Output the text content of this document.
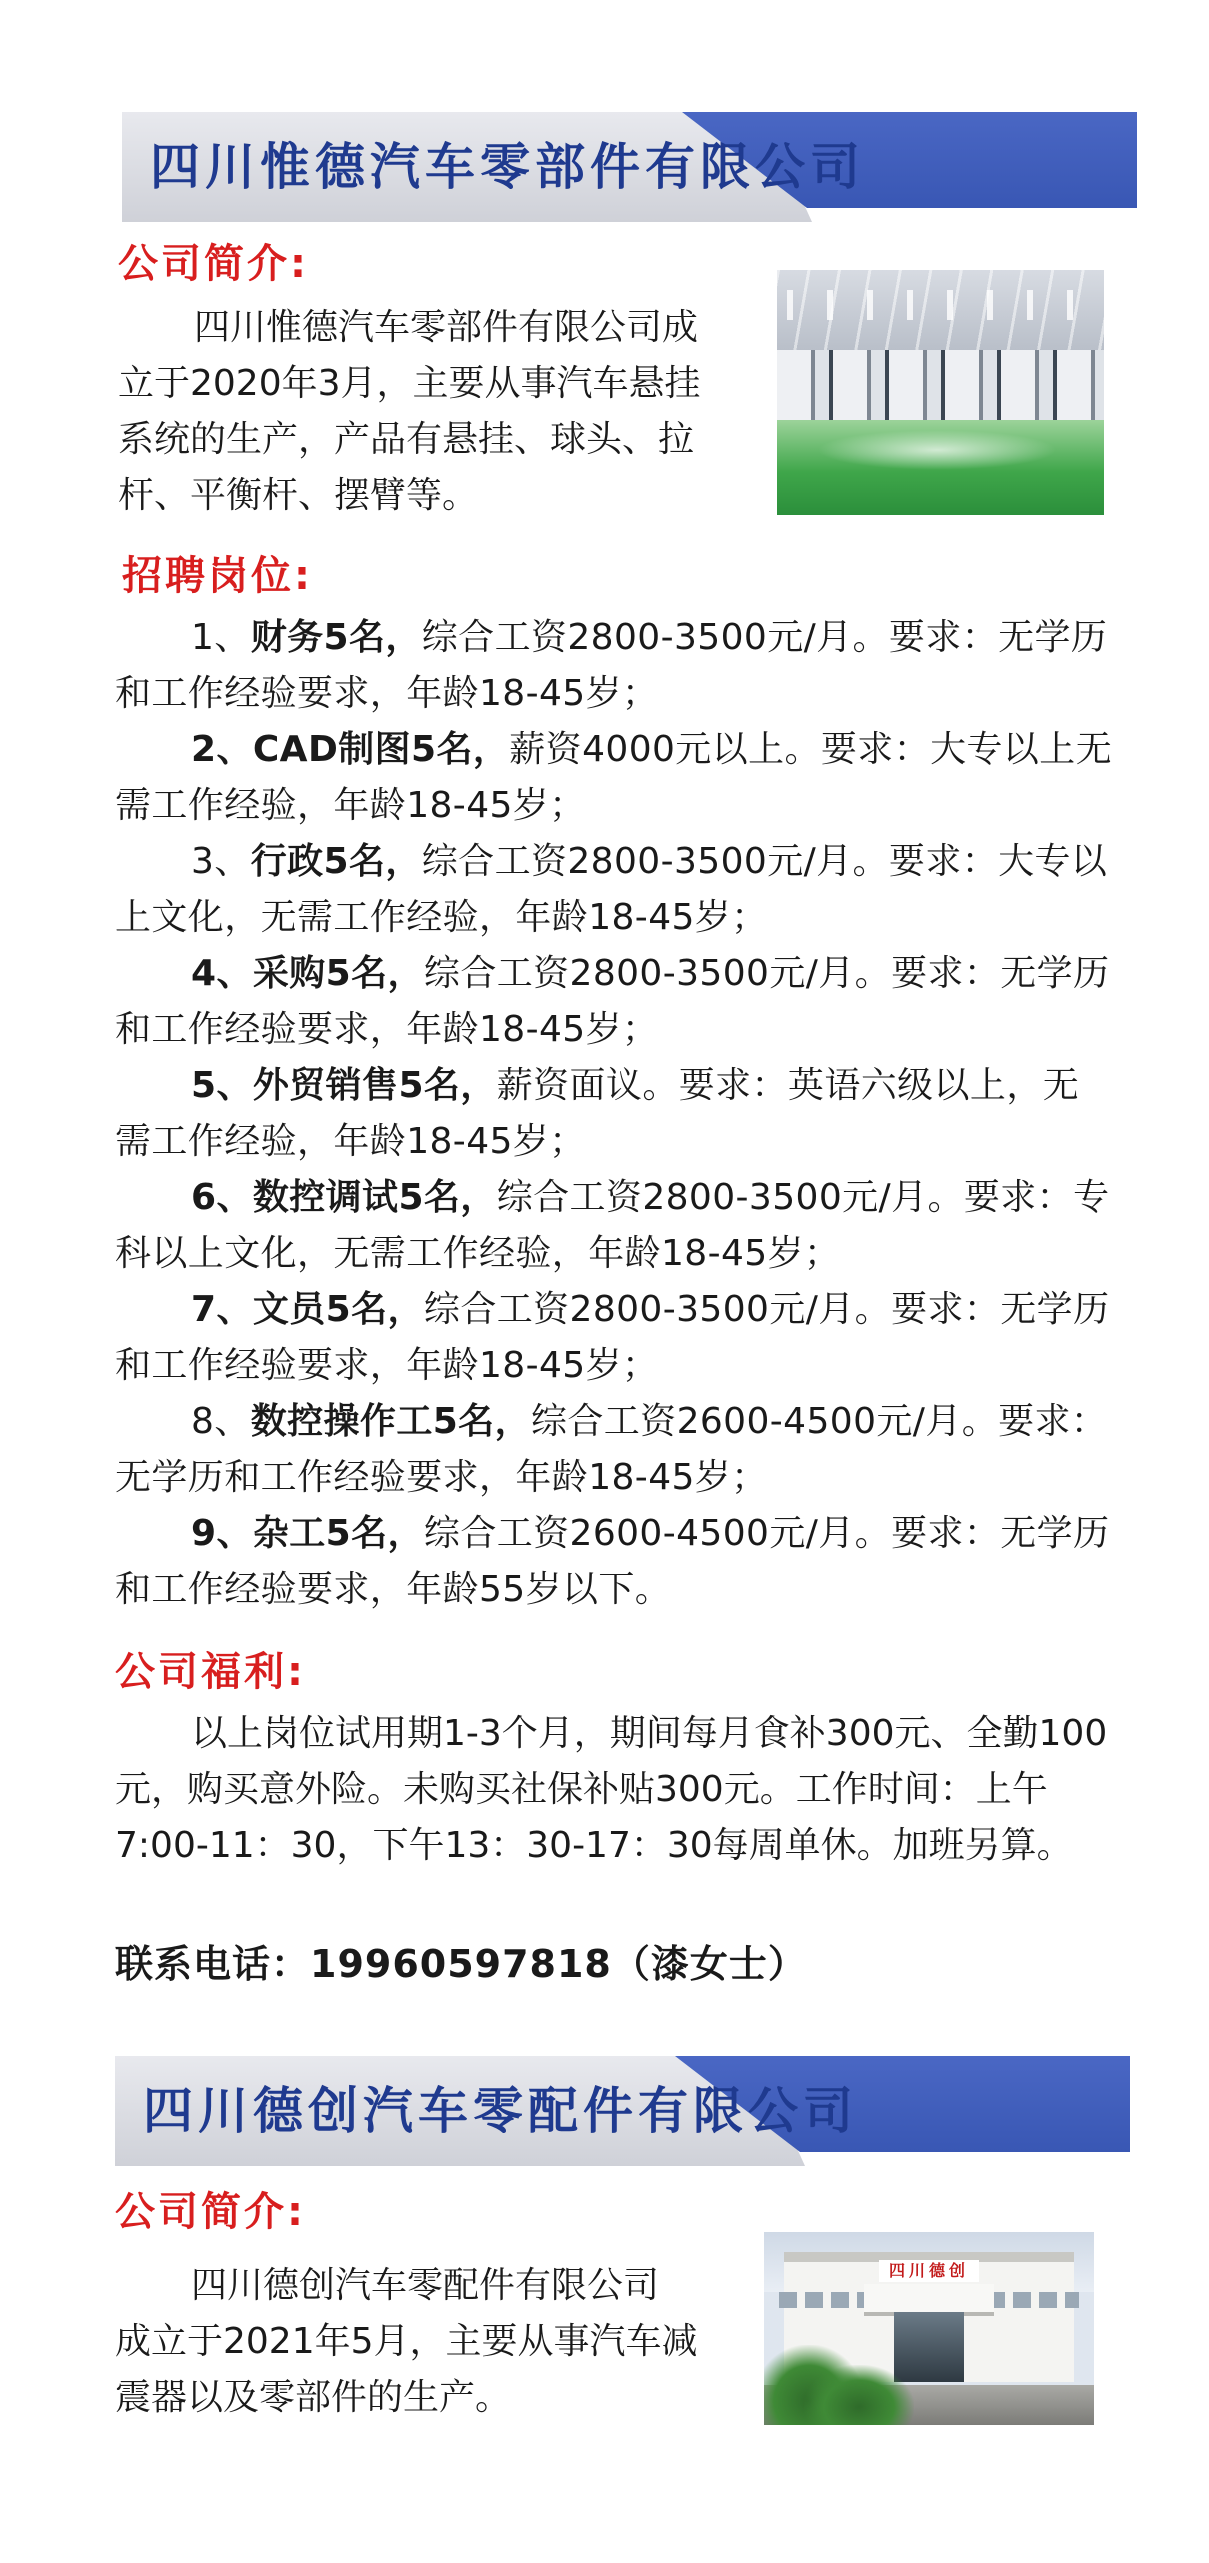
四川惟德汽车零部件有限公司
公司简介:

四川惟德汽车零部件有限公司成

立于2020年3月，主要从事汽车悬挂

系统的生产，产品有悬挂、球头、拉

杆、平衡杆、摆臂等。

招聘岗位:

1、财务5名，综合工资2800-3500元/月。要求：无学历和工作经验要求，年龄18-45岁；

2、CAD制图5名，薪资4000元以上。要求：大专以上无需工作经验，年龄18-45岁；

3、行政5名，综合工资2800-3500元/月。要求：大专以上文化，无需工作经验，年龄18-45岁；

4、采购5名，综合工资2800-3500元/月。要求：无学历和工作经验要求，年龄18-45岁；

5、外贸销售5名，薪资面议。要求：英语六级以上，无需工作经验，年龄18-45岁；

6、数控调试5名，综合工资2800-3500元/月。要求：专科以上文化，无需工作经验，年龄18-45岁；

7、文员5名，综合工资2800-3500元/月。要求：无学历和工作经验要求，年龄18-45岁；

8、数控操作工5名，综合工资2600-4500元/月。要求：无学历和工作经验要求，年龄18-45岁；

9、杂工5名，综合工资2600-4500元/月。要求：无学历和工作经验要求，年龄55岁以下。

公司福利:

以上岗位试用期1-3个月，期间每月食补300元、全勤100元，购买意外险。未购买社保补贴300元。工作时间：上午7:00-11：30，下午13：30-17：30每周单休。加班另算。

联系电话：19960597818（漆女士）
四川德创汽车零配件有限公司
公司简介:

四川德创汽车零配件有限公司

成立于2021年5月，主要从事汽车减

震器以及零部件的生产。

四川德创
